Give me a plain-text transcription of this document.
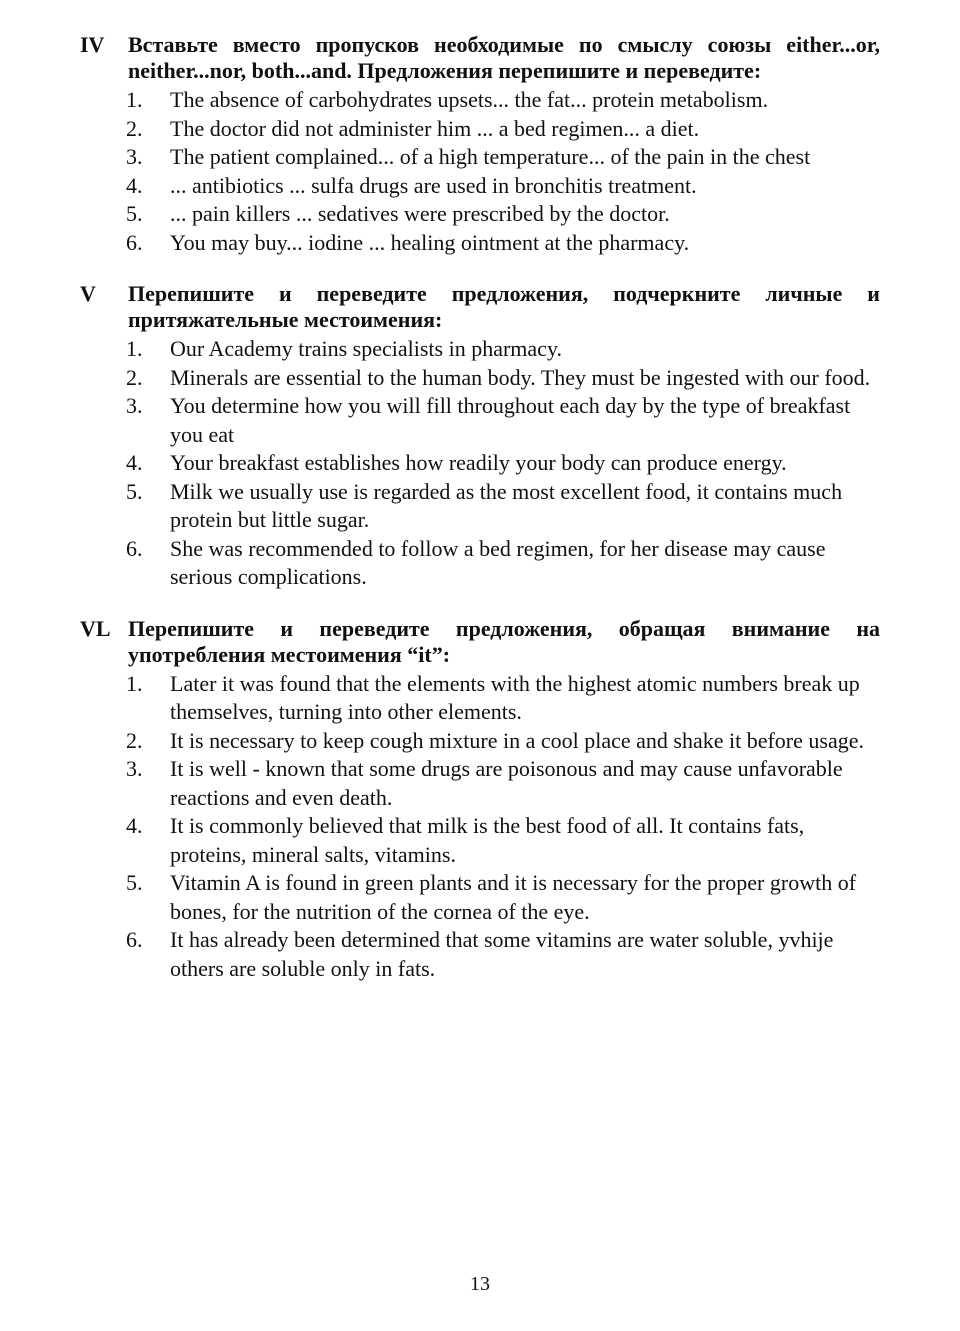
IV	Вставьте вместо пропусков необходимые по смыслу союзы either...or, neither...nor, both...and. Предложения перепишите и переведите:
1.	The absence of carbohydrates upsets... the fat... protein metabolism.
2.	The doctor did not administer him ... a bed regimen... a diet.
3.	The patient complained... of a high temperature... of the pain in the chest
4.	... antibiotics ... sulfa drugs are used in bronchitis treatment.
5.	... pain killers ... sedatives were prescribed by the doctor.
6.	You may buy... iodine ... healing ointment at the pharmacy.
V	Перепишите и переведите предложения, подчеркните личные и притяжательные местоимения:
1.	Our Academy trains specialists in pharmacy.
2.	Minerals are essential to the human body. They must be ingested with our food.
3.	You determine how you will fill throughout each day by the type of breakfast you eat
4.	Your breakfast establishes how readily your body can produce energy.
5.	Milk we usually use is regarded as the most excellent food, it contains much protein but little sugar.
6.	She was recommended to follow a bed regimen, for her disease may cause serious complications.
VL Перепишите и переведите предложения, обращая внимание на употребления местоимения “it”:
1.	Later it was found that the elements with the highest atomic numbers break up themselves, turning into other elements.
2.	It is necessary to keep cough mixture in a cool place and shake it before usage.
3.	It is well - known that some drugs are poisonous and may cause unfavorable reactions and even death.
4.	It is commonly believed that milk is the best food of all. It contains fats, proteins, mineral salts, vitamins.
5.	Vitamin A is found in green plants and it is necessary for the proper growth of bones, for the nutrition of the cornea of the eye.
6.	It has already been determined that some vitamins are water soluble, yvhije others are soluble only in fats.
13
